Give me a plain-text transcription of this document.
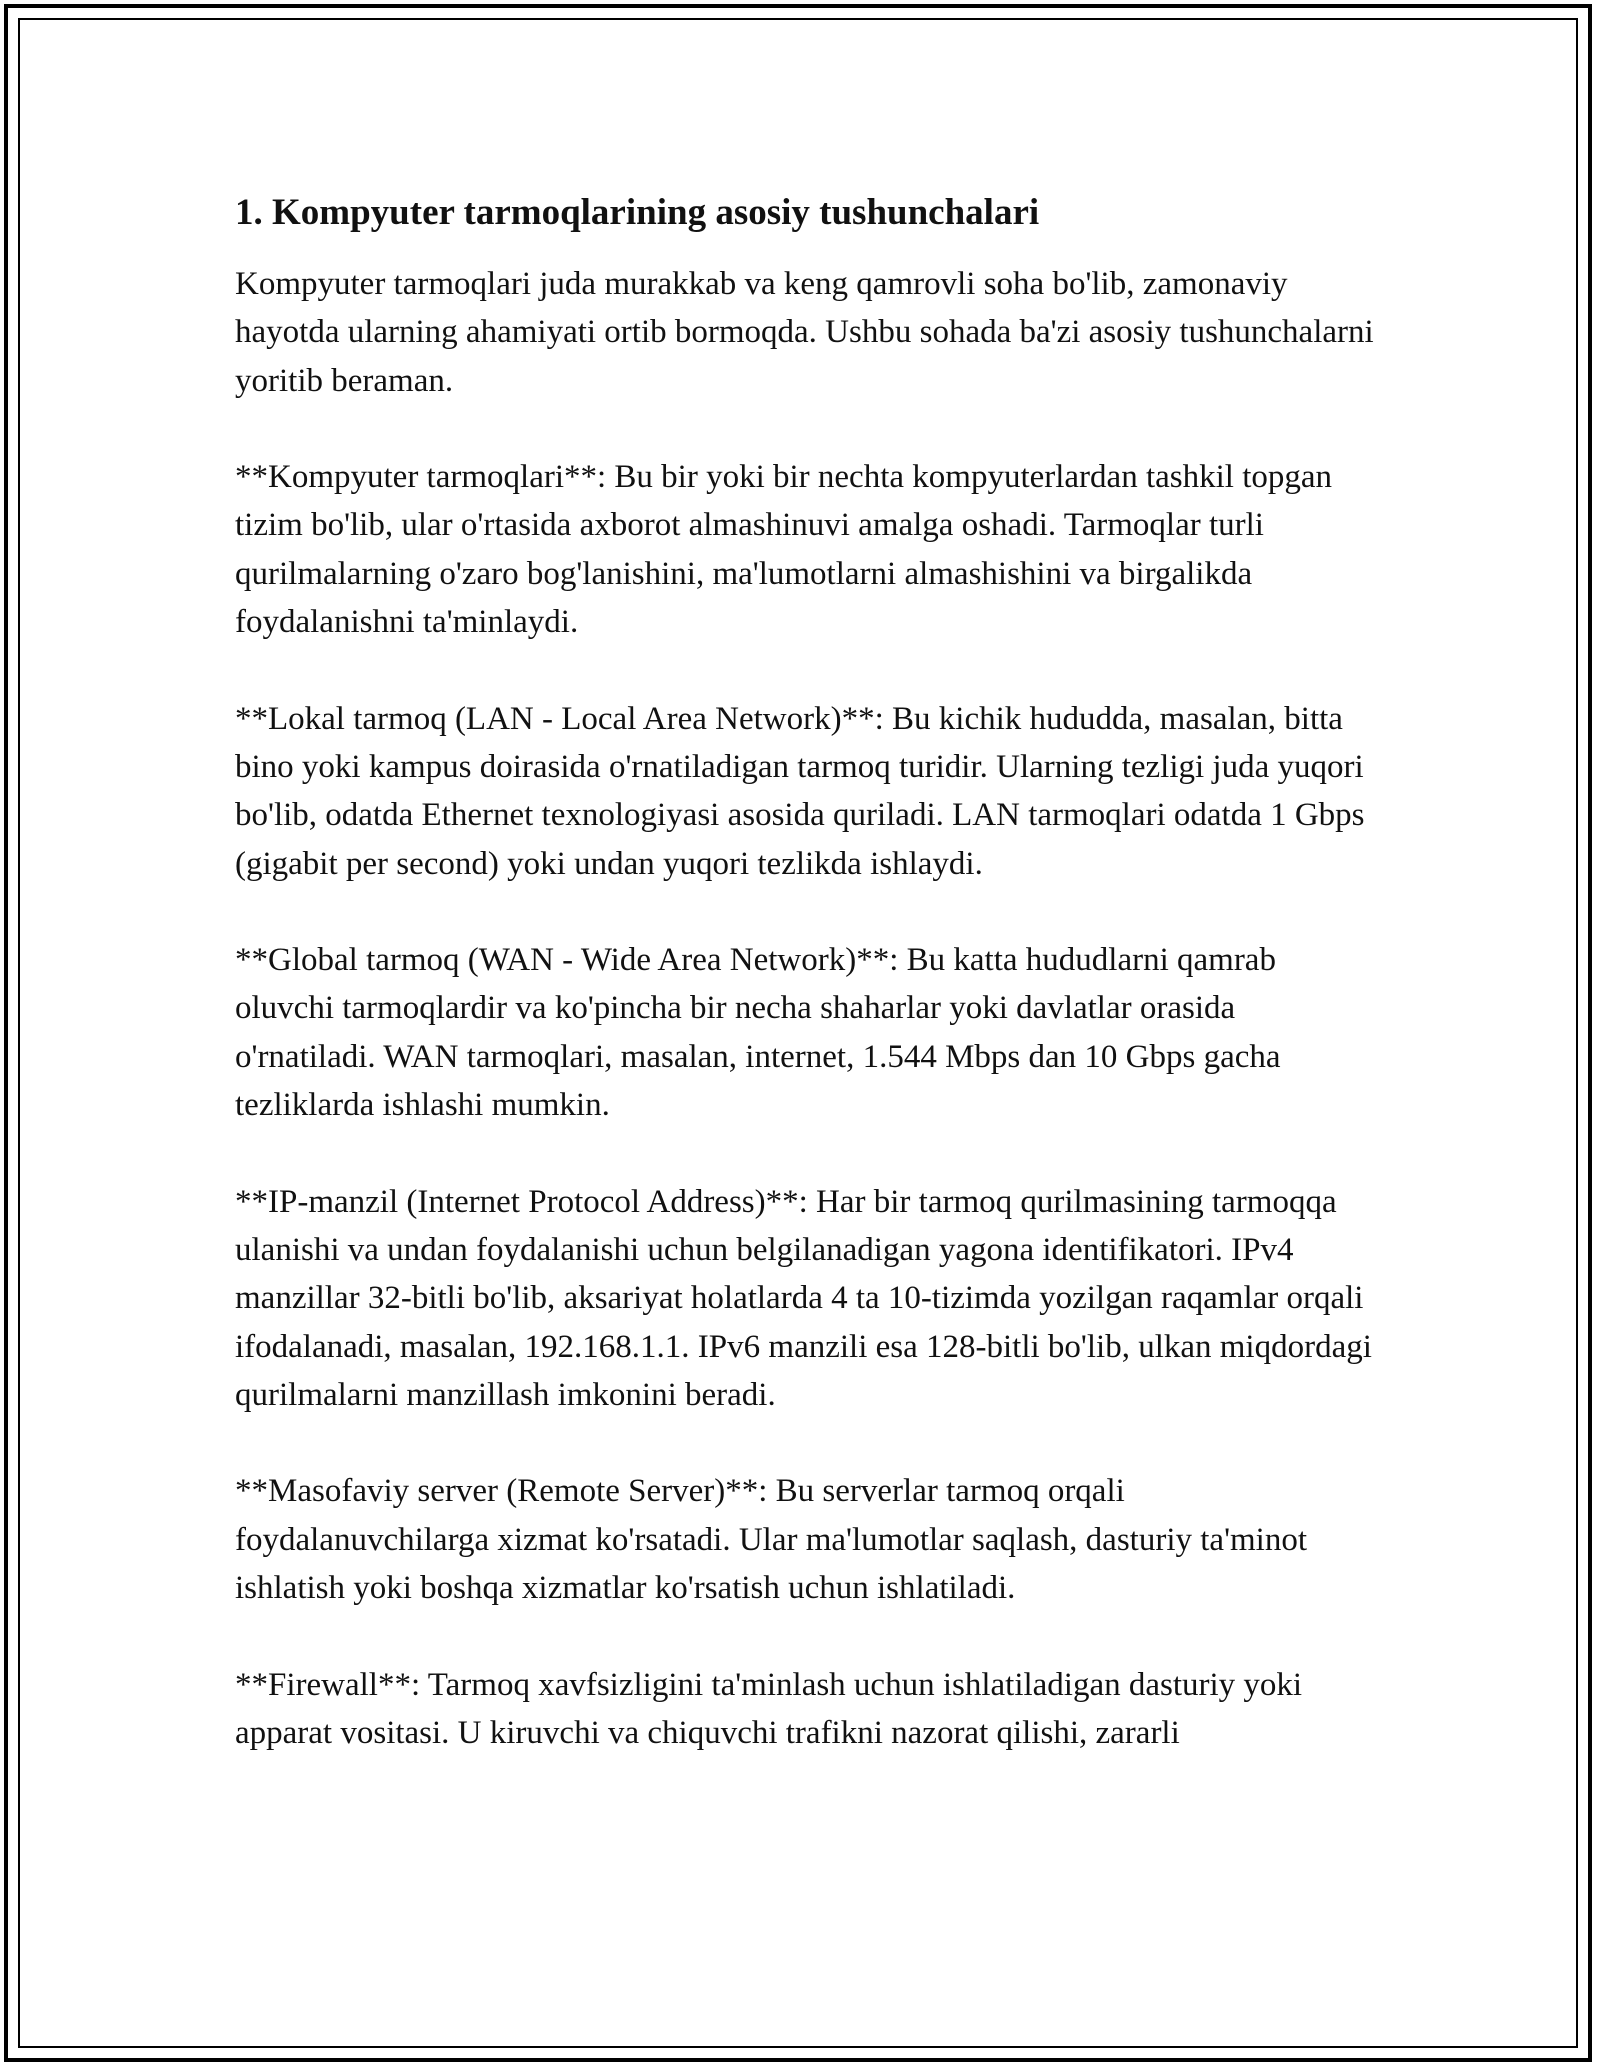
1. Kompyuter tarmoqlarining asosiy tushunchalari

Kompyuter tarmoqlari juda murakkab va keng qamrovli soha bo'lib, zamonaviy hayotda ularning ahamiyati ortib bormoqda. Ushbu sohada ba'zi asosiy tushunchalarni yoritib beraman.

**Kompyuter tarmoqlari**: Bu bir yoki bir nechta kompyuterlardan tashkil topgan tizim bo'lib, ular o'rtasida axborot almashinuvi amalga oshadi. Tarmoqlar turli qurilmalarning o'zaro bog'lanishini, ma'lumotlarni almashishini va birgalikda foydalanishni ta'minlaydi.

**Lokal tarmoq (LAN - Local Area Network)**: Bu kichik hududda, masalan, bitta bino yoki kampus doirasida o'rnatiladigan tarmoq turidir. Ularning tezligi juda yuqori bo'lib, odatda Ethernet texnologiyasi asosida quriladi. LAN tarmoqlari odatda 1 Gbps (gigabit per second) yoki undan yuqori tezlikda ishlaydi.

**Global tarmoq (WAN - Wide Area Network)**: Bu katta hududlarni qamrab oluvchi tarmoqlardir va ko'pincha bir necha shaharlar yoki davlatlar orasida o'rnatiladi. WAN tarmoqlari, masalan, internet, 1.544 Mbps dan 10 Gbps gacha tezliklarda ishlashi mumkin.

**IP-manzil (Internet Protocol Address)**: Har bir tarmoq qurilmasining tarmoqqa ulanishi va undan foydalanishi uchun belgilanadigan yagona identifikatori. IPv4 manzillar 32-bitli bo'lib, aksariyat holatlarda 4 ta 10-tizimda yozilgan raqamlar orqali ifodalanadi, masalan, 192.168.1.1. IPv6 manzili esa 128-bitli bo'lib, ulkan miqdordagi qurilmalarni manzillash imkonini beradi.

**Masofaviy server (Remote Server)**: Bu serverlar tarmoq orqali foydalanuvchilarga xizmat ko'rsatadi. Ular ma'lumotlar saqlash, dasturiy ta'minot ishlatish yoki boshqa xizmatlar ko'rsatish uchun ishlatiladi.

**Firewall**: Tarmoq xavfsizligini ta'minlash uchun ishlatiladigan dasturiy yoki apparat vositasi. U kiruvchi va chiquvchi trafikni nazorat qilishi, zararli
